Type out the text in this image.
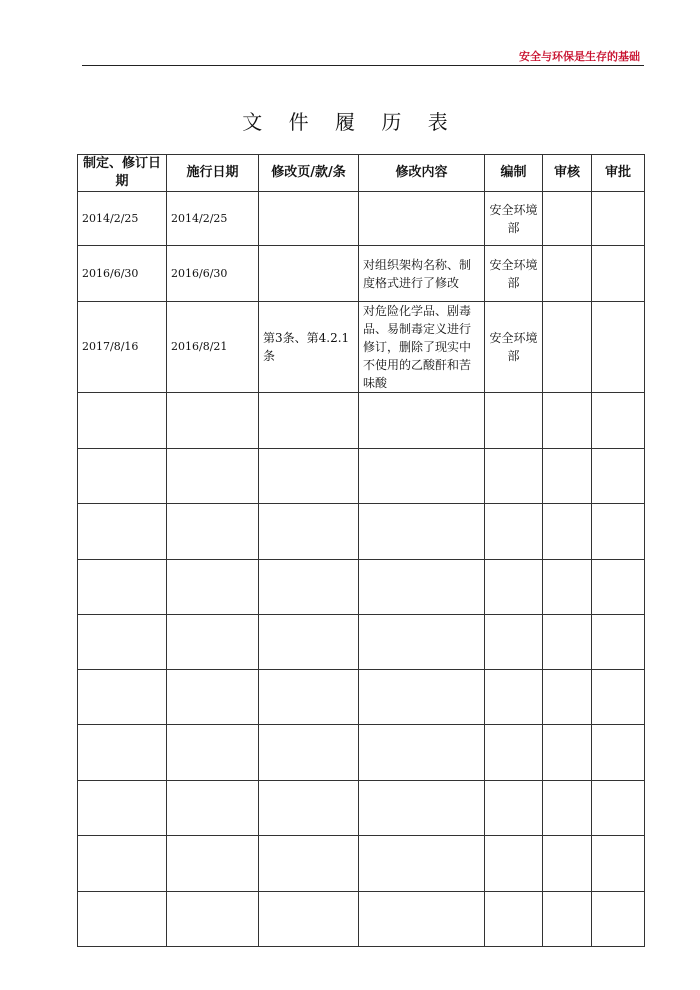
安全与环保是生存的基础
文 件 履 历 表
制定、修订日期	施行日期	修改页/款/条	修改内容	编制	审核	审批
2014/2/25	2014/2/25			安全环境部		
2016/6/30	2016/6/30		对组织架构名称、制度格式进行了修改	安全环境部		
2017/8/16	2016/8/21	第3条、第4.2.1条	对危险化学品、剧毒品、易制毒定义进行修订，删除了现实中不使用的乙酸酐和苦味酸	安全环境部		
